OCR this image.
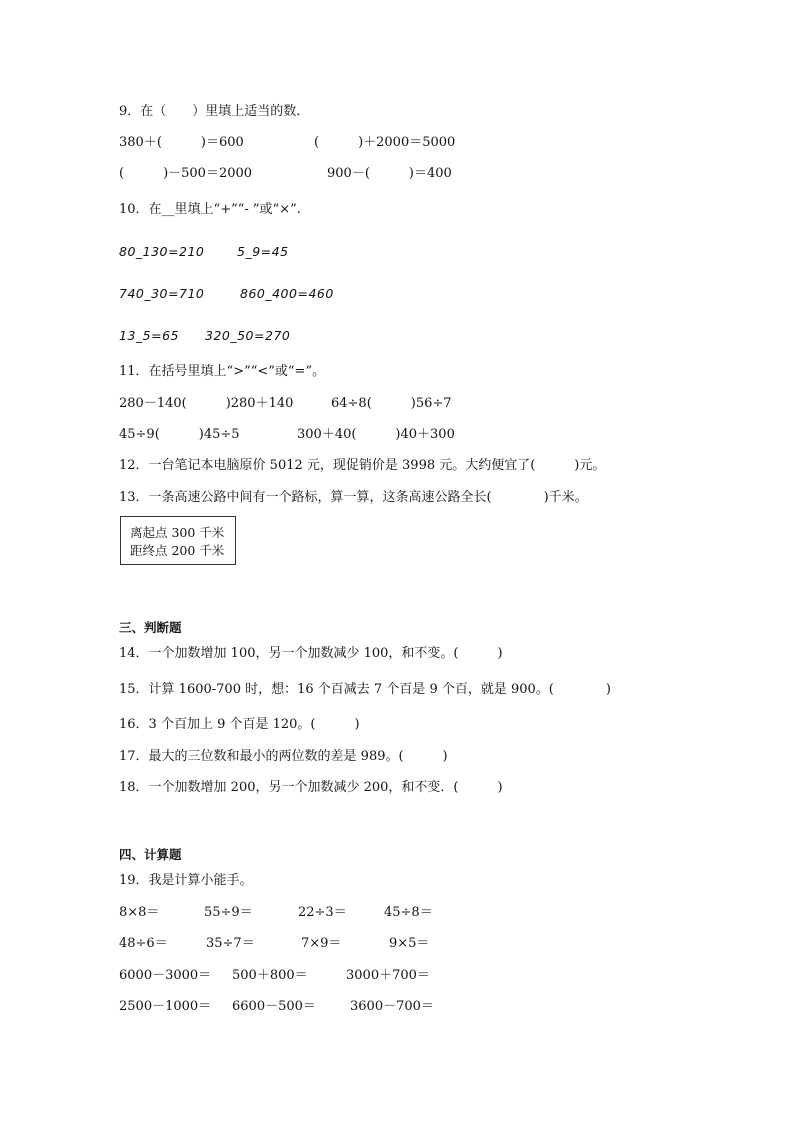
9．在（　　）里填上适当的数．
380＋(　　　)＝600	(　　　)＋2000＝5000
(　　　)－500＝2000	900－(　　　)＝400
10．在__里填上“+”“- ”或“×”.
80_130=210	5_9=45
740_30=710	860_400=460
13_5=65 320_50=270
11．在括号里填上“>”“<”或“=”。
280－140(　　　)280＋140	64÷8(　　　)56÷7
45÷9(　　　)45÷5	300＋40(　　　)40＋300
12．一台笔记本电脑原价 5012 元，现促销价是 3998 元。大约便宜了(　　　)元。
13．一条高速公路中间有一个路标，算一算，这条高速公路全长(　　　　)千米。
离起点 300 千米
距终点 200 千米
三、判断题
14．一个加数增加 100，另一个加数减少 100，和不变。(　　　)
15．计算 1600-700 时，想：16 个百减去 7 个百是 9 个百，就是 900。(　　　　)
16．3 个百加上 9 个百是 120。(　　　)
17．最大的三位数和最小的两位数的差是 989。(　　　)
18．一个加数增加 200，另一个加数减少 200，和不变．(　　　)
四、计算题
19．我是计算小能手。
8×8＝	55÷9＝	22÷3＝	45÷8＝
48÷6＝	35÷7＝	7×9＝	9×5＝
6000－3000＝ 500＋800＝	3000＋700＝
2500－1000＝ 6600－500＝	3600－700＝
